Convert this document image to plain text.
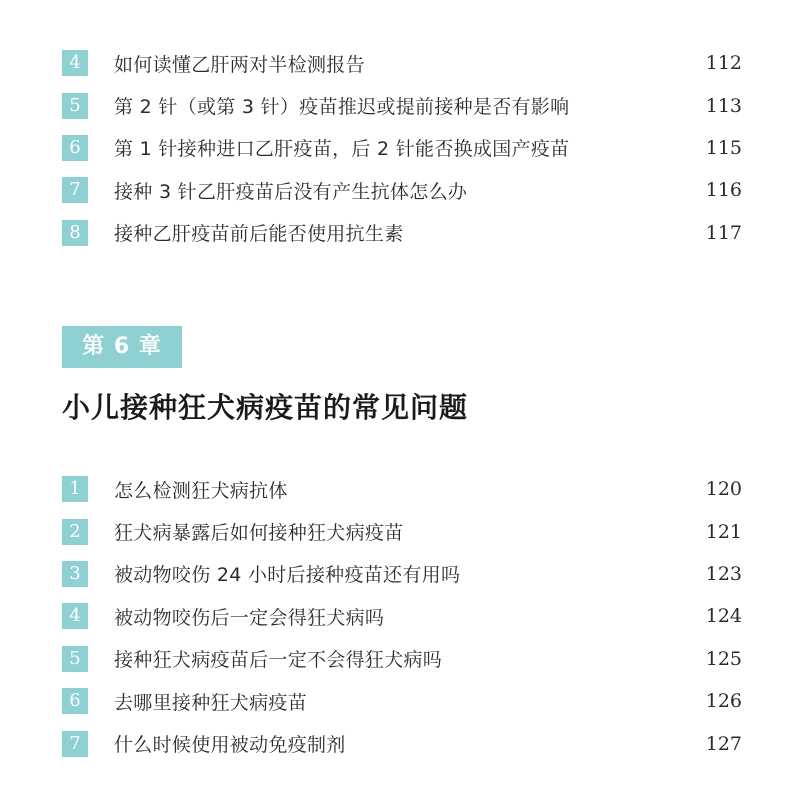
4	如何读懂乙肝两对半检测报告	112
5	第 2 针（或第 3 针）疫苗推迟或提前接种是否有影响	113
6	第 1 针接种进口乙肝疫苗，后 2 针能否换成国产疫苗	115
7	接种 3 针乙肝疫苗后没有产生抗体怎么办	116
8	接种乙肝疫苗前后能否使用抗生素	117
第 6 章
小儿接种狂犬病疫苗的常见问题
1	怎么检测狂犬病抗体	120
2	狂犬病暴露后如何接种狂犬病疫苗	121
3	被动物咬伤 24 小时后接种疫苗还有用吗	123
4	被动物咬伤后一定会得狂犬病吗	124
5	接种狂犬病疫苗后一定不会得狂犬病吗	125
6	去哪里接种狂犬病疫苗	126
7	什么时候使用被动免疫制剂	127
